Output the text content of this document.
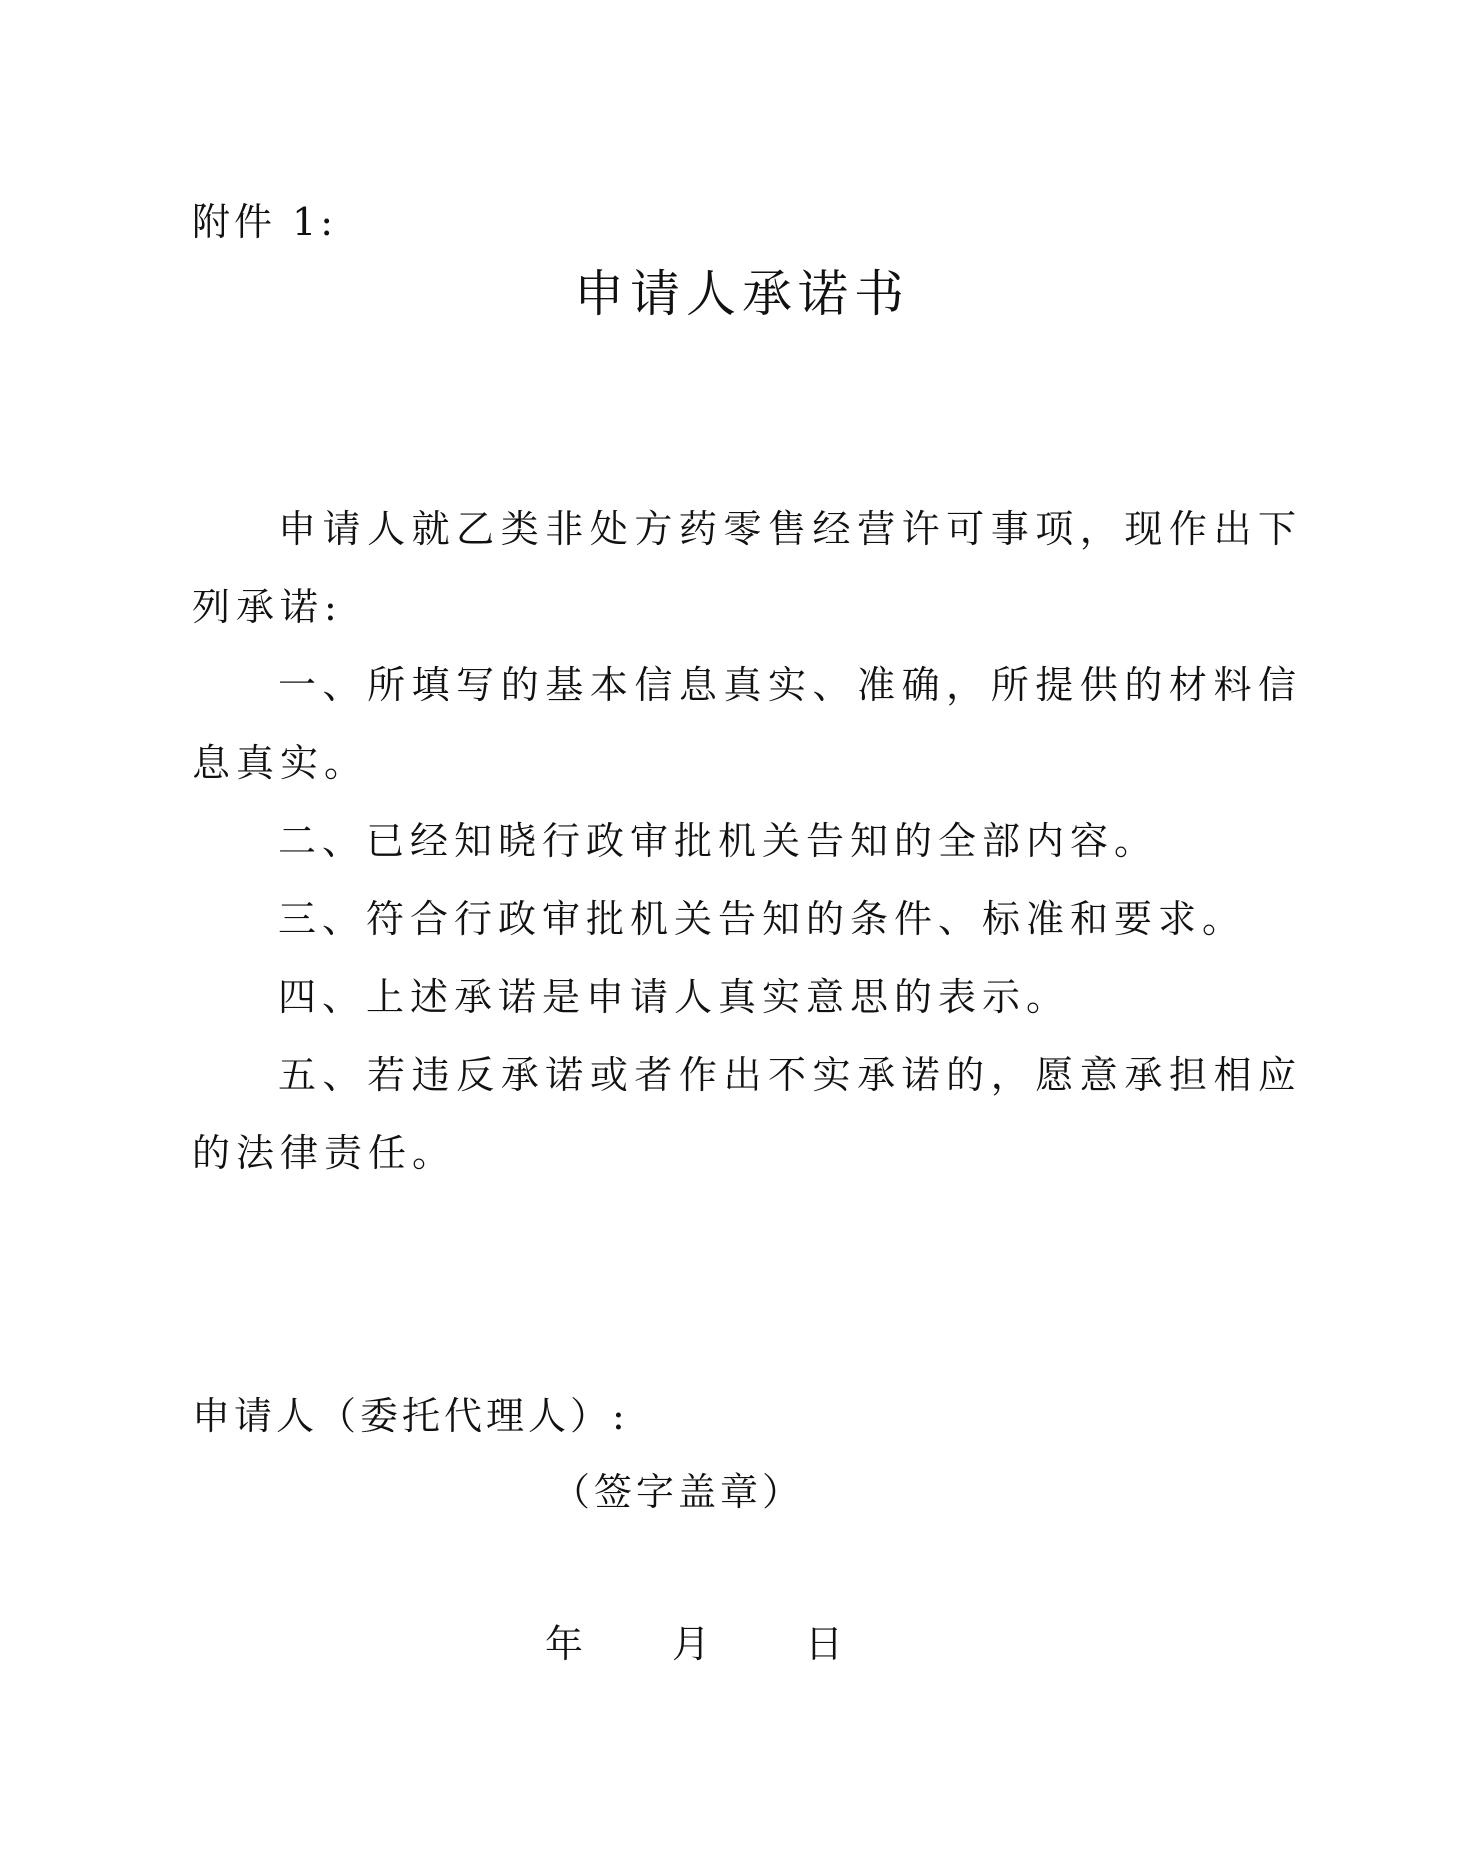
附件 1:
申请人承诺书

申请人就乙类非处方药零售经营许可事项，现作出下列承诺:

一、所填写的基本信息真实、准确，所提供的材料信息真实。

二、已经知晓行政审批机关告知的全部内容。

三、符合行政审批机关告知的条件、标准和要求。

四、上述承诺是申请人真实意思的表示。

五、若违反承诺或者作出不实承诺的，愿意承担相应的法律责任。

申请人（委托代理人）:
（签字盖章）
年 月 日
